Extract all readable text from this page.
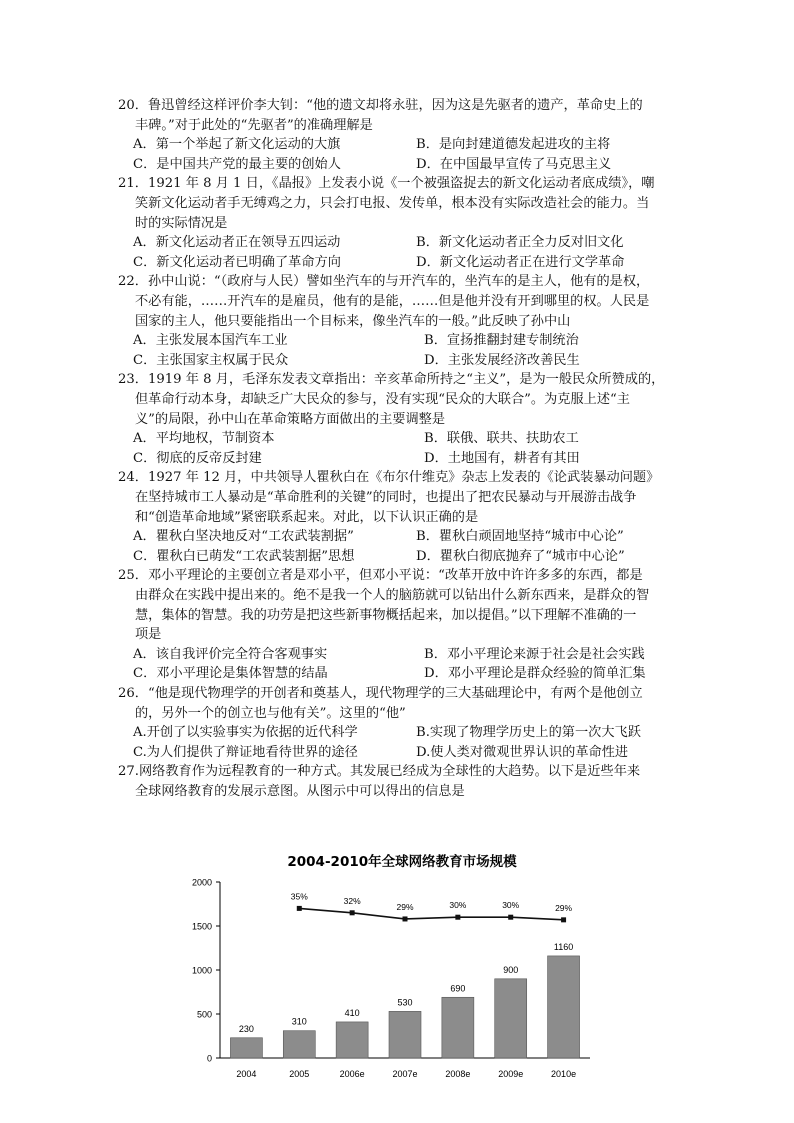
20．鲁迅曾经这样评价李大钊：“他的遗文却将永驻，因为这是先驱者的遗产，革命史上的
丰碑。”对于此处的“先驱者”的准确理解是
A．第一个举起了新文化运动的大旗	B．是向封建道德发起进攻的主将
C．是中国共产党的最主要的创始人	D．在中国最早宣传了马克思主义
21．1921 年 8 月 1 日，《晶报》上发表小说《一个被强盗捉去的新文化运动者底成绩》，嘲
笑新文化运动者手无缚鸡之力，只会打电报、发传单，根本没有实际改造社会的能力。当
时的实际情况是
A．新文化运动者正在领导五四运动	B．新文化运动者正全力反对旧文化
C．新文化运动者已明确了革命方向	D．新文化运动者正在进行文学革命
22．孙中山说：“（政府与人民）譬如坐汽车的与开汽车的，坐汽车的是主人，他有的是权，
不必有能，……开汽车的是雇员，他有的是能，……但是他并没有开到哪里的权。人民是
国家的主人，他只要能指出一个目标来，像坐汽车的一般。”此反映了孙中山
A．主张发展本国汽车工业	B．宣扬推翻封建专制统治
C．主张国家主权属于民众	D．主张发展经济改善民生
23．1919 年 8 月，毛泽东发表文章指出：辛亥革命所持之“主义”，是为一般民众所赞成的，
但革命行动本身，却缺乏广大民众的参与，没有实现“民众的大联合”。为克服上述“主
义”的局限，孙中山在革命策略方面做出的主要调整是
A．平均地权，节制资本	B．联俄、联共、扶助农工
C．彻底的反帝反封建	D．土地国有，耕者有其田
24．1927 年 12 月，中共领导人瞿秋白在《布尔什维克》杂志上发表的《论武装暴动问题》
在坚持城市工人暴动是“革命胜利的关键”的同时，也提出了把农民暴动与开展游击战争
和“创造革命地域”紧密联系起来。对此，以下认识正确的是
A．瞿秋白坚决地反对“工农武装割据”	B．瞿秋白顽固地坚持“城市中心论”
C．瞿秋白已萌发“工农武装割据”思想	D．瞿秋白彻底抛弃了“城市中心论”
25．邓小平理论的主要创立者是邓小平，但邓小平说：“改革开放中许许多多的东西，都是
由群众在实践中提出来的。绝不是我一个人的脑筋就可以钻出什么新东西来，是群众的智
慧，集体的智慧。我的功劳是把这些新事物概括起来，加以提倡。”以下理解不准确的一
项是
A．该自我评价完全符合客观事实	B．邓小平理论来源于社会是社会实践
C．邓小平理论是集体智慧的结晶	D．邓小平理论是群众经验的简单汇集
26．“他是现代物理学的开创者和奠基人，现代物理学的三大基础理论中，有两个是他创立
的，另外一个的创立也与他有关”。这里的“他”
A.开创了以实验事实为依据的近代科学	B.实现了物理学历史上的第一次大飞跃
C.为人们提供了辩证地看待世界的途径	D.使人类对微观世界认识的革命性进
27.网络教育作为远程教育的一种方式。其发展已经成为全球性的大趋势。以下是近些年来
全球网络教育的发展示意图。从图示中可以得出的信息是
2004-2010年全球网络教育市场规模
0
500
1000
1500
2000
230
310
410
530
690
900
1160
2004	2005	2006e	2007e	2008e	2009e	2010e
35%	32%
29%	30%	30%	29%
